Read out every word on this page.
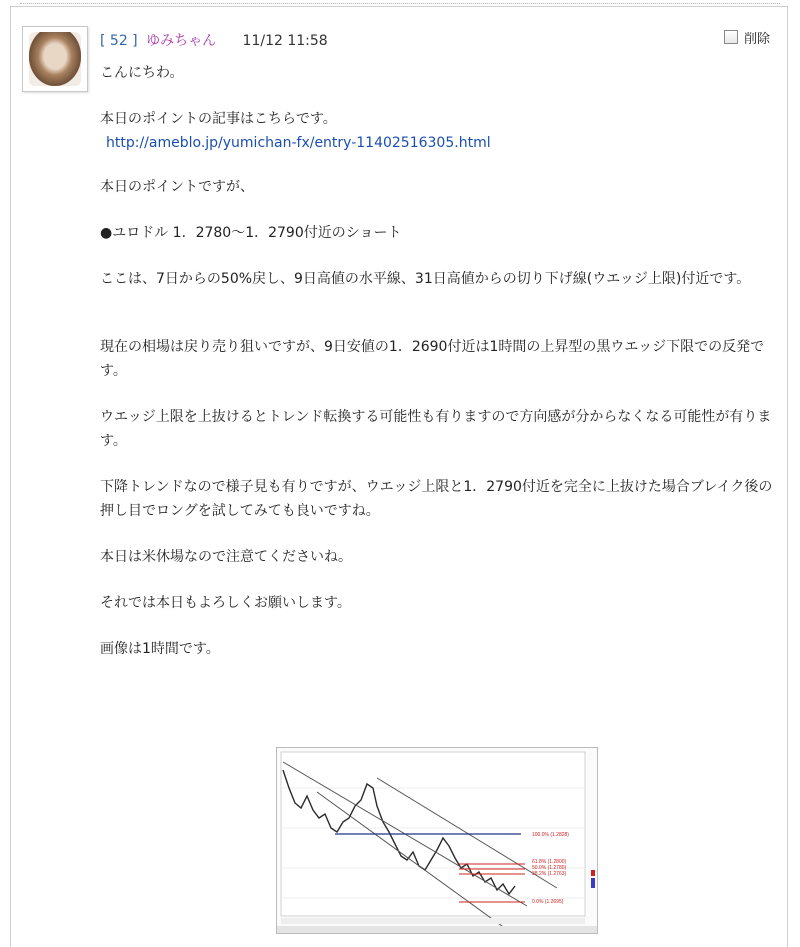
[ 52 ] ゆみちゃん 11/12 11:58	削除

こんにちわ。

本日のポイントの記事はこちらです。
http://ameblo.jp/yumichan-fx/entry-11402516305.html

本日のポイントですが、

●ユロドル 1．2780～1．2790付近のショート

ここは、7日からの50%戻し、9日高値の水平線、31日高値からの切り下げ線(ウエッジ上限)付近です。

現在の相場は戻り売り狙いですが、9日安値の1．2690付近は1時間の上昇型の黒ウエッジ下限での反発です。

ウエッジ上限を上抜けるとトレンド転換する可能性も有りますので方向感が分からなくなる可能性が有ります。

下降トレンドなので様子見も有りですが、ウエッジ上限と1．2790付近を完全に上抜けた場合ブレイク後の押し目でロングを試してみても良いですね。

本日は米休場なので注意てくださいね。

それでは本日もよろしくお願いします。

画像は1時間です。

100.0% (1.2828)
61.8% (1.2800)
50.0% (1.2780)
38.2% (1.2763)
0.0% (1.2695)
